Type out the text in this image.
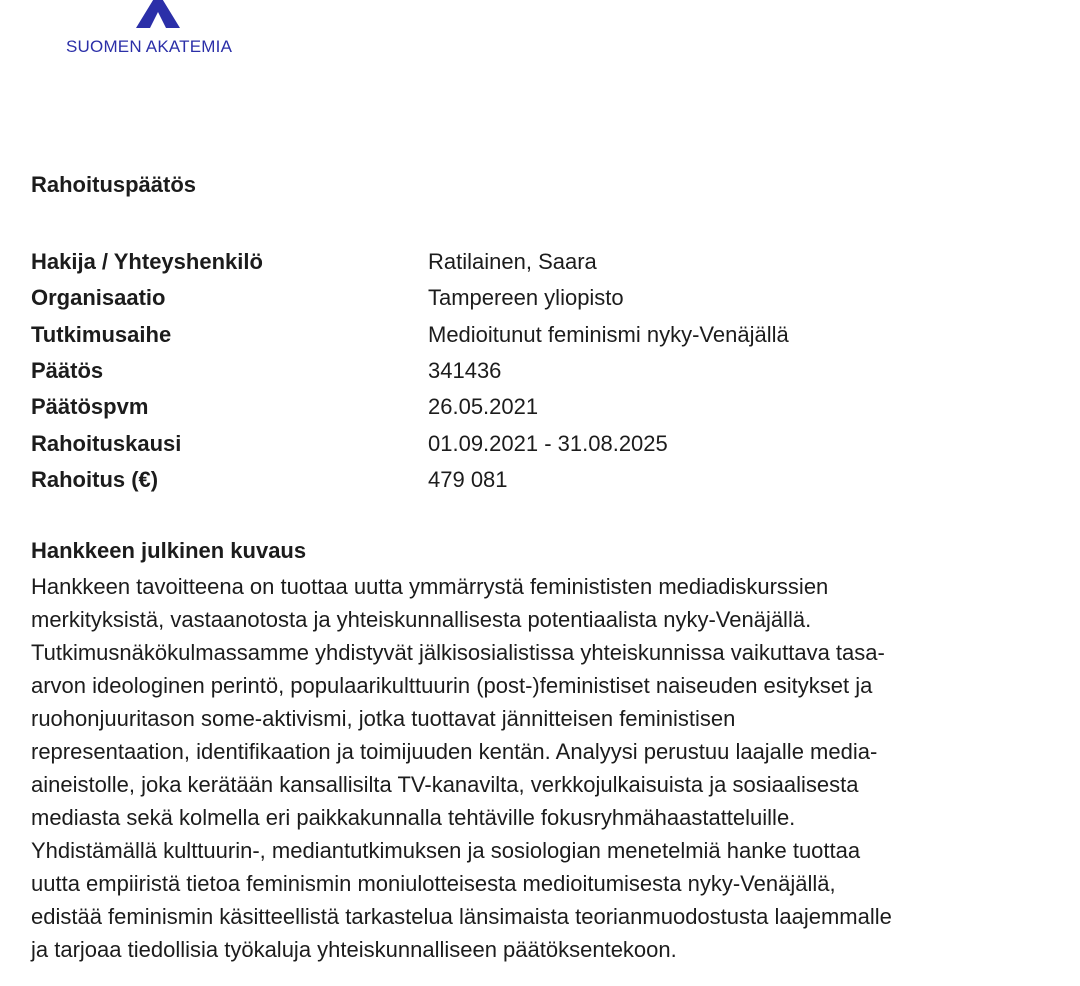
SUOMEN AKATEMIA
Rahoituspäätös
Hakija / Yhteyshenkilö	Ratilainen, Saara
Organisaatio	Tampereen yliopisto
Tutkimusaihe	Medioitunut feminismi nyky-Venäjällä
Päätös	341436
Päätöspvm	26.05.2021
Rahoituskausi	01.09.2021 - 31.08.2025
Rahoitus (€)	479 081
Hankkeen julkinen kuvaus

Hankkeen tavoitteena on tuottaa uutta ymmärrystä feminististen mediadiskurssien
merkityksistä, vastaanotosta ja yhteiskunnallisesta potentiaalista nyky-Venäjällä.
Tutkimusnäkökulmassamme yhdistyvät jälkisosialistissa yhteiskunnissa vaikuttava tasa-
arvon ideologinen perintö, populaarikulttuurin (post-)feministiset naiseuden esitykset ja
ruohonjuuritason some-aktivismi, jotka tuottavat jännitteisen feministisen
representaation, identifikaation ja toimijuuden kentän. Analyysi perustuu laajalle media-
aineistolle, joka kerätään kansallisilta TV-kanavilta, verkkojulkaisuista ja sosiaalisesta
mediasta sekä kolmella eri paikkakunnalla tehtäville fokusryhmähaastatteluille.
Yhdistämällä kulttuurin-, mediantutkimuksen ja sosiologian menetelmiä hanke tuottaa
uutta empiiristä tietoa feminismin moniulotteisesta medioitumisesta nyky-Venäjällä,
edistää feminismin käsitteellistä tarkastelua länsimaista teorianmuodostusta laajemmalle
ja tarjoaa tiedollisia työkaluja yhteiskunnalliseen päätöksentekoon.
